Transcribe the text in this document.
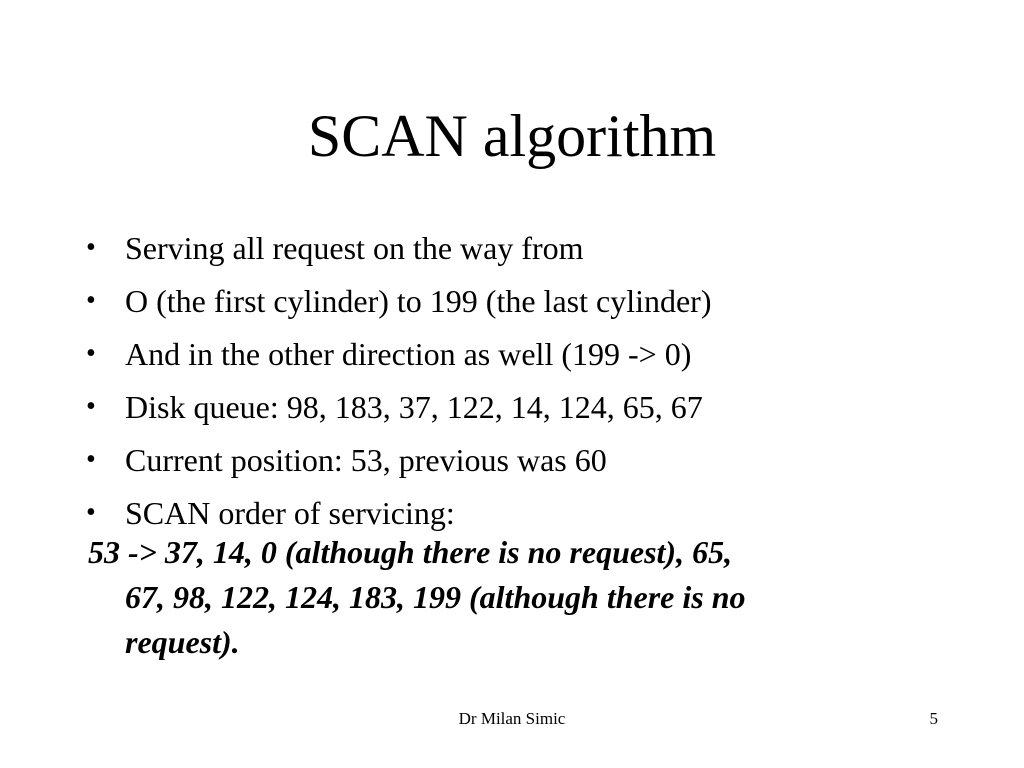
SCAN algorithm
• Serving all request on the way from
• O (the first cylinder) to 199 (the last cylinder)
• And in the other direction as well (199 -> 0)
• Disk queue: 98, 183, 37, 122, 14, 124, 65, 67
• Current position: 53, previous was 60
• SCAN order of servicing:
53 -> 37, 14, 0 (although there is no request), 65,
67, 98, 122, 124, 183, 199 (although there is no
request).
Dr Milan Simic	5
